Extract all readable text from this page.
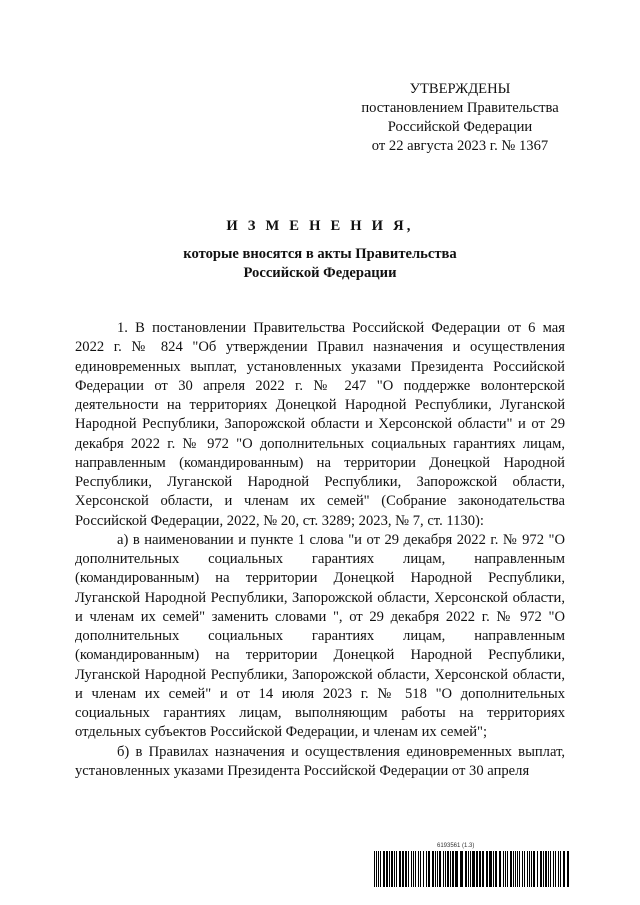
УТВЕРЖДЕНЫ
постановлением Правительства
Российской Федерации
от 22 августа 2023 г. № 1367
И З М Е Н Е Н И Я,
которые вносятся в акты Правительства
Российской Федерации

1. В постановлении Правительства Российской Федерации от 6 мая 2022 г. № 824 "Об утверждении Правил назначения и осуществления единовременных выплат, установленных указами Президента Российской Федерации от 30 апреля 2022 г. № 247 "О поддержке волонтерской деятельности на территориях Донецкой Народной Республики, Луганской Народной Республики, Запорожской области и Херсонской области" и от 29 декабря 2022 г. № 972 "О дополнительных социальных гарантиях лицам, направленным (командированным) на территории Донецкой Народной Республики, Луганской Народной Республики, Запорожской области, Херсонской области, и членам их семей" (Собрание законодательства Российской Федерации, 2022, № 20, ст. 3289; 2023, № 7, ст. 1130):

а) в наименовании и пункте 1 слова "и от 29 декабря 2022 г. № 972 "О дополнительных социальных гарантиях лицам, направленным (командированным) на территории Донецкой Народной Республики, Луганской Народной Республики, Запорожской области, Херсонской области, и членам их семей" заменить словами ", от 29 декабря 2022 г. № 972 "О дополнительных социальных гарантиях лицам, направленным (командированным) на территории Донецкой Народной Республики, Луганской Народной Республики, Запорожской области, Херсонской области, и членам их семей" и от 14 июля 2023 г. № 518 "О дополнительных социальных гарантиях лицам, выполняющим работы на территориях отдельных субъектов Российской Федерации, и членам их семей";

б) в Правилах назначения и осуществления единовременных выплат, установленных указами Президента Российской Федерации от 30 апреля

6193561 (1.3)
